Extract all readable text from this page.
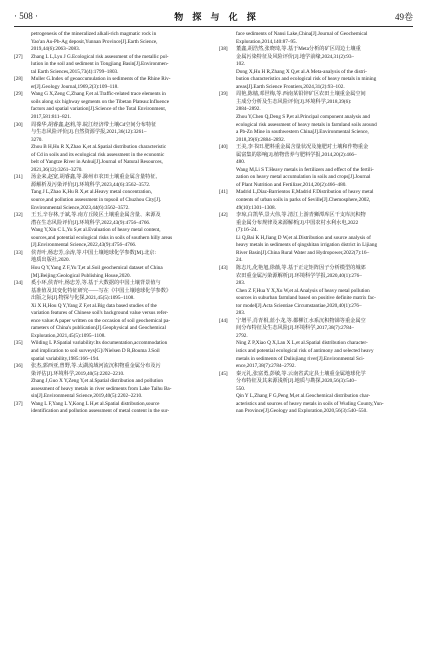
· 508 ·	物 探 与 化 探	49卷
petrogenesis of the mineralized alkali-rich magmatic rock in
Yao'an Au-Pb-Ag deposit,Yunnan Province[J].Earth Science,
2019,44(6):2063–2083.
[27]	Zhang L L,Lyu J G.Ecological risk assessment of the metallic pol-
lution in the soil and sediment in Tongjiang Basin[J].Environmen-
tal Earth Sciences,2015,73(4):1799–1803.
[28]	Muller G.Index of geoaccumulation in sediments of the Rhine Riv-
er[J].Geology Journal,1969,2(3):109–118.
[29]	Wang G X,Zeng C,Zhang F,et al.Traffic-related trace elements in
soils along six highway segments on the Tibetan Plateau:Influence
factors and spatial variation[J].Science of the Total Environment,
2017,581:811–821.
[30]	周葆华,胡睿鑫,赵莉,等.皖江经济带土壤Cd空间分布特征
与生态风险评价[J].自然资源学报,2021,36(12):3261–
3270.
Zhou B H,Hu R X,Zhao K,et al.Spatial distribution characteristic
of Cd in soils and its ecological risk assessment in the economic
belt of Yangtze River in Anhui[J].Journal of Natural Resources,
2021,36(12):3261–3270.
[31]	汤金来,赵宽,胡睿鑫,等.滁州市农田土壤重金属含量特征、
源解析及污染评价[J].环境科学,2023,44(6):3562–3572.
Tang J L,Zhao K,Hu R X,et al.Heavy metal concentration,
source,and pollution assessment in topsoil of Chuzhou City[J].
Environmental Science,2023,44(6):3562–3572.
[32]	王玉,辛存林,于斌,等.南方丘陵区土壤重金属含量、来源及
潜在生态风险评价[J].环境科学,2022,43(9):4756–4766.
Wang Y,Xin C L,Yu S,et al.Evaluation of heavy metal content,
sources,and potential ecological risks in soils of southern hilly areas
[J].Environmental Science,2022,43(9):4756–4766.
[33]	侯青叶,杨忠芳,余涛,等.中国土壤地球化学参数[M].北京:
地质出版社,2020.
Hou Q Y,Yang Z F,Yu T,et al.Soil geochemical dataset of China
[M].Beijing:Geological Publishing House,2020.
[34]	奚小环,侯青叶,杨忠芳,等.基于大数据的中国土壤背景值与
基准值及其变化特征研究——写在《中国土壤地球化学参数》
出版之际[J].物探与化探,2021,45(5):1095–1108.
Xi X H,Hou Q Y,Yang Z F,et al.Big data based studies of the
variation features of Chinese soil's background value versus refer-
ence value:A paper written on the occasion of soil geochemical pa-
rameters of China's publication[J].Geophysical and Geochemical
Exploration,2021,45(5):1095–1108.
[35]	Wilding L P.Spatial variability:Its documentation,accommodation
and implication to soil surveys[G]//Nielsen D R,Bouma J.Soil
spatial variability,1985:166–194.
[36]	张杰,郭西亚,曾野,等.太湖流域河流沉积物重金属分布及污
染评估[J].环境科学,2019,40(5):2202–2210.
Zhang J,Guo X Y,Zeng Y,et al.Spatial distribution and pollution
assessment of heavy metals in river sediments from Lake Taihu Ba-
sin[J].Environmental Science,2019,40(5):2202–2210.
[37]	Wang L F,Yang L Y,Kong L H,et al.Spatial distribution,source
identification and pollution assessment of metal content in the sur-
face sediments of Nansi Lake,China[J].Journal of Geochemical
Exploration,2014,140:87–95.
[38]	董鑫,胡浩然,张晓琦,等.基于Meta分析的矿区周边土壤重
金属污染特征及风险评价[J].地学前缘,2024,31(2):93–
102.
Dong X,Hu H R,Zhang X Q,et al.A Meta-analysis of the distri-
bution characteristics and ecological risk of heavy metals in mining
areas[J].Earth Science Frontiers,2024,31(2):93–102.
[39]	周艳,陈樯,邓世梅,等.西南某铅锌矿区农田土壤重金属空间
主成分分析及生态风险评价[J].环境科学,2018,39(6):
2884–2892.
Zhou Y,Chen Q,Deng S P,et al.Principal component analysis and
ecological risk assessment of heavy metals in farmland soils around
a Pb-Zn Mine in southwestern China[J].Environmental Science,
2018,39(6):2884–2892.
[40]	王美,李书田.肥料重金属含量状况及施肥对土壤和作物重金
属富集的影响[J].植物营养与肥料学报,2014,20(2):466–
480.
Wang M,Li S T.Heavy metals in fertilizers and effect of the fertili-
zation on heavy metal accumulation in soils and crops[J].Journal
of Plant Nutrition and Fertilizer,2014,20(2):466–480.
[41]	Madrid L,Díaz-Barrientos E,Madrid F.Distribution of heavy metal
contents of urban soils in parks of Seville[J].Chemosphere,2002,
49(10):1301–1308.
[42]	李琼,白凯华,景大伟,等.清江上游青狮潭库区干支库沉积物
重金属分布规律及来源解析[J].中国农村水利水电,2022
(7):16–24.
Li Q,Bai K H,Jiang D W,et al.Distribution and source analysis of
heavy metals in sediments of qingshitan irrigation district in Lijiang
River Basin[J].China Rural Water and Hydropower,2022(7):16–
24.
[43]	陈志凡,化艳旭,徐薇,等.基于正定矩阵因子分析模型的城郊
农田重金属污染源解析[J].环境科学学报,2020,40(1):276–
283.
Chen Z F,Hua Y X,Xu W,et al.Analysis of heavy metal pollution
sources in suburban farmland based on positive definite matrix fac-
tor model[J].Acta Scientiae Circumstantiae,2020,40(1):276–
283.
[44]	宁增平,肖青相,蓝小龙,等.都柳江水系沉积物锑等重金属空
间分布特征及生态风险[J].环境科学,2017,38(7):2784–
2792.
Ning Z P,Xiao Q X,Lan X L,et al.Spatial distribution character-
istics and potential ecological risk of antimony and selected heavy
metals in sediments of Duliujiang river[J].Environmental Sci-
ence,2017,38(7):2784–2792.
[45]	秦元礼,张富勇,彭敏,等.云南省武定县土壤重金属地球化学
分布特征及其来源浅析[J].地质与勘探,2020,56(3):540–
550.
Qin Y L,Zhang F G,Peng M,et al.Geochemical distribution char-
acteristics and sources of heavy metals in soils of Wuding County,Yun-
nan Province[J].Geology and Exploration,2020,56(3):540–550.
